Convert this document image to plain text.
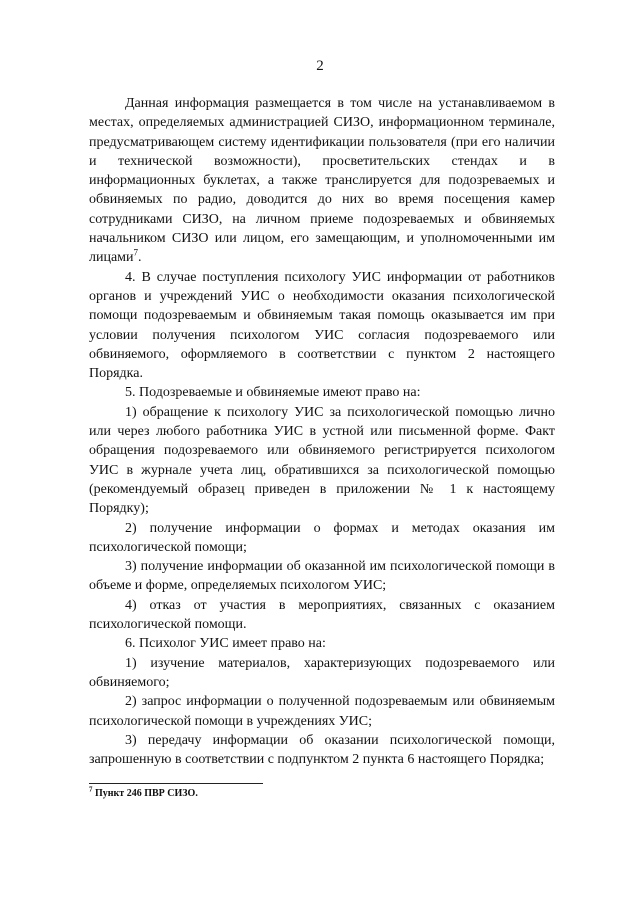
2

Данная информация размещается в том числе на устанавливаемом в местах, определяемых администрацией СИЗО, информационном терминале, предусматривающем систему идентификации пользователя (при его наличии и технической возможности), просветительских стендах и в информационных буклетах, а также транслируется для подозреваемых и обвиняемых по радио, доводится до них во время посещения камер сотрудниками СИЗО, на личном приеме подозреваемых и обвиняемых начальником СИЗО или лицом, его замещающим, и уполномоченными им лицами$^7$.

4. В случае поступления психологу УИС информации от работников органов и учреждений УИС о необходимости оказания психологической помощи подозреваемым и обвиняемым такая помощь оказывается им при условии получения психологом УИС согласия подозреваемого или обвиняемого, оформляемого в соответствии с пунктом 2 настоящего Порядка.

5. Подозреваемые и обвиняемые имеют право на:

1) обращение к психологу УИС за психологической помощью лично или через любого работника УИС в устной или письменной форме. Факт обращения подозреваемого или обвиняемого регистрируется психологом УИС в журнале учета лиц, обратившихся за психологической помощью (рекомендуемый образец приведен в приложении № 1 к настоящему Порядку);

2) получение информации о формах и методах оказания им психологической помощи;

3) получение информации об оказанной им психологической помощи в объеме и форме, определяемых психологом УИС;

4) отказ от участия в мероприятиях, связанных с оказанием психологической помощи.

6. Психолог УИС имеет право на:

1) изучение материалов, характеризующих подозреваемого или обвиняемого;

2) запрос информации о полученной подозреваемым или обвиняемым психологической помощи в учреждениях УИС;

3) передачу информации об оказании психологической помощи, запрошенную в соответствии с подпунктом 2 пункта 6 настоящего Порядка;

$^7$ Пункт 246 ПВР СИЗО.
